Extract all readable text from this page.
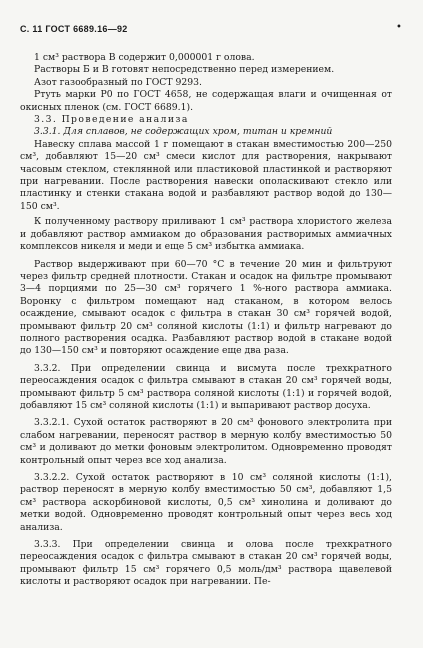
С. 11 ГОСТ 6689.16—92	•

1 см³ раствора В содержит 0,000001 г олова.

Растворы Б и В готовят непосредственно перед измерением.

Азот газообразный по ГОСТ 9293.

Ртуть марки Р0 по ГОСТ 4658, не содержащая влаги и очищенная от окисных пленок (см. ГОСТ 6689.1).

3.3. Проведение анализа

3.3.1. Для сплавов, не содержащих хром, титан и кремний

Навеску сплава массой 1 г помещают в стакан вместимостью 200—250 см³, добавляют 15—20 см³ смеси кислот для растворения, накрывают часовым стеклом, стеклянной или пластиковой пластинкой и растворяют при нагревании. После растворения навески ополаскивают стекло или пластинку и стенки стакана водой и разбавляют раствор водой до 130—150 см³.

К полученному раствору приливают 1 см³ раствора хлористого железа и добавляют раствор аммиаком до образования растворимых аммиачных комплексов никеля и меди и еще 5 см³ избытка аммиака.

Раствор выдерживают при 60—70 °C в течение 20 мин и фильтруют через фильтр средней плотности. Стакан и осадок на фильтре промывают 3—4 порциями по 25—30 см³ горячего 1 %-ного раствора аммиака. Воронку с фильтром помещают над стаканом, в котором велось осаждение, смывают осадок с фильтра в стакан 30 см³ горячей водой, промывают фильтр 20 см³ соляной кислоты (1:1) и фильтр нагревают до полного растворения осадка. Разбавляют раствор водой в стакане водой до 130—150 см³ и повторяют осаждение еще два раза.

3.3.2. При определении свинца и висмута после трехкратного переосаждения осадок с фильтра смывают в стакан 20 см³ горячей воды, промывают фильтр 5 см³ раствора соляной кислоты (1:1) и горячей водой, добавляют 15 см³ соляной кислоты (1:1) и выпаривают раствор досуха.

3.3.2.1. Сухой остаток растворяют в 20 см³ фонового электролита при слабом нагревании, переносят раствор в мерную колбу вместимостью 50 см³ и доливают до метки фоновым электролитом. Одновременно проводят контрольный опыт через все ход анализа.

3.3.2.2. Сухой остаток растворяют в 10 см³ соляной кислоты (1:1), раствор переносят в мерную колбу вместимостью 50 см³, добавляют 1,5 см³ раствора аскорбиновой кислоты, 0,5 см³ хинолина и доливают до метки водой. Одновременно проводят контрольный опыт через весь ход анализа.

3.3.3. При определении свинца и олова после трехкратного переосаждения осадок с фильтра смывают в стакан 20 см³ горячей воды, промывают фильтр 15 см³ горячего 0,5 моль/дм³ раствора щавелевой кислоты и растворяют осадок при нагревании. Пе-
